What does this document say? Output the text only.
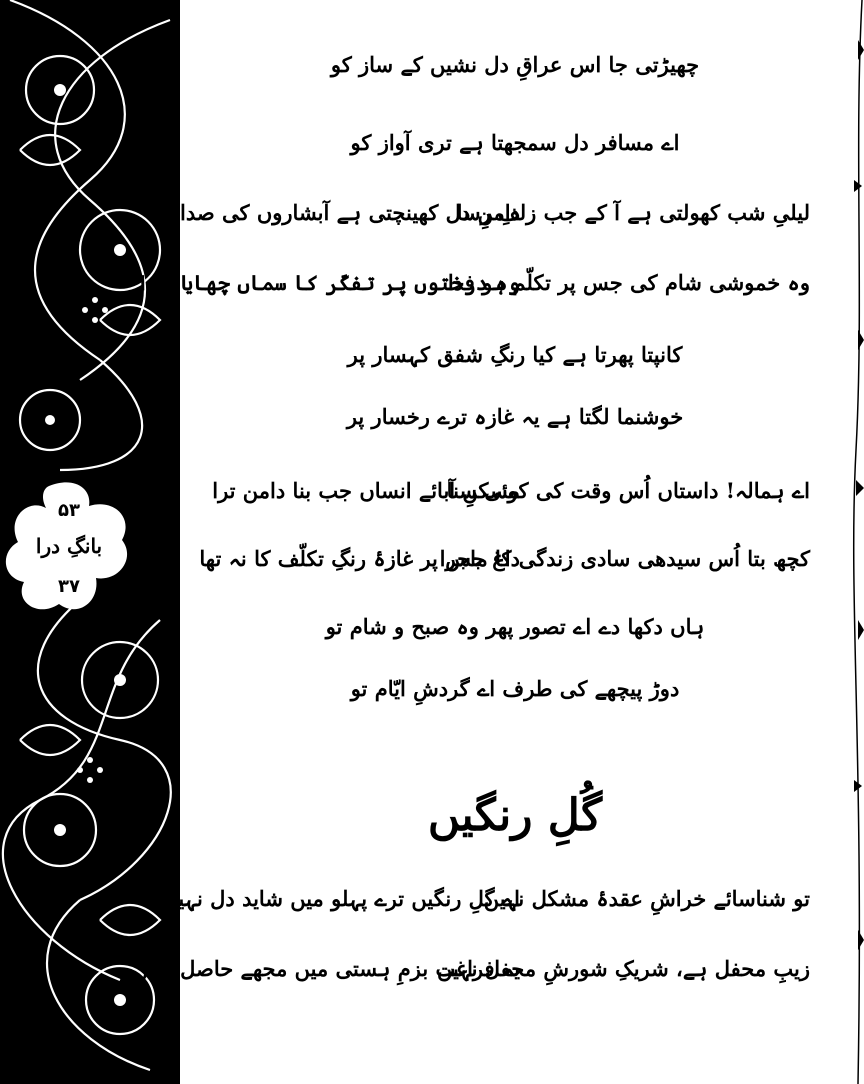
۵۳
بانگِ درا
۳۷
چھیڑتی جا اس عراقِ دل نشیں کے ساز کو
اے مسافر دل سمجھتا ہے تری آواز کو
لیلیِ شب کھولتی ہے آ کے جب زلفِ رسا
دامنِ دل کھینچتی ہے آبشاروں کی صدا
وہ خموشی شام کی جس پر تکلّم ہو فدا
وہ درختوں پر تفکّر کا سماں چھایا ہوا
کانپتا پھرتا ہے کیا رنگِ شفق کہسار پر
خوشنما لگتا ہے یہ غازہ ترے رخسار پر
اے ہمالہ! داستاں اُس وقت کی کوئی سنا
مسکنِ آبائے انساں جب بنا دامن ترا
کچھ بتا اُس سیدھی سادی زندگی کا ماجرا
داغ جس پر غازۂ رنگِ تکلّف کا نہ تھا
ہاں دکھا دے اے تصور پھر وہ صبح و شام تو
دوڑ پیچھے کی طرف اے گردشِ ایّام تو
گُلِ رنگیں
تو شناسائے خراشِ عقدۂ مشکل نہیں
اے گلِ رنگیں ترے پہلو میں شاید دل نہیں
زیبِ محفل ہے، شریکِ شورشِ محفل نہیں
یہ فراغت بزمِ ہستی میں مجھے حاصل نہیں
